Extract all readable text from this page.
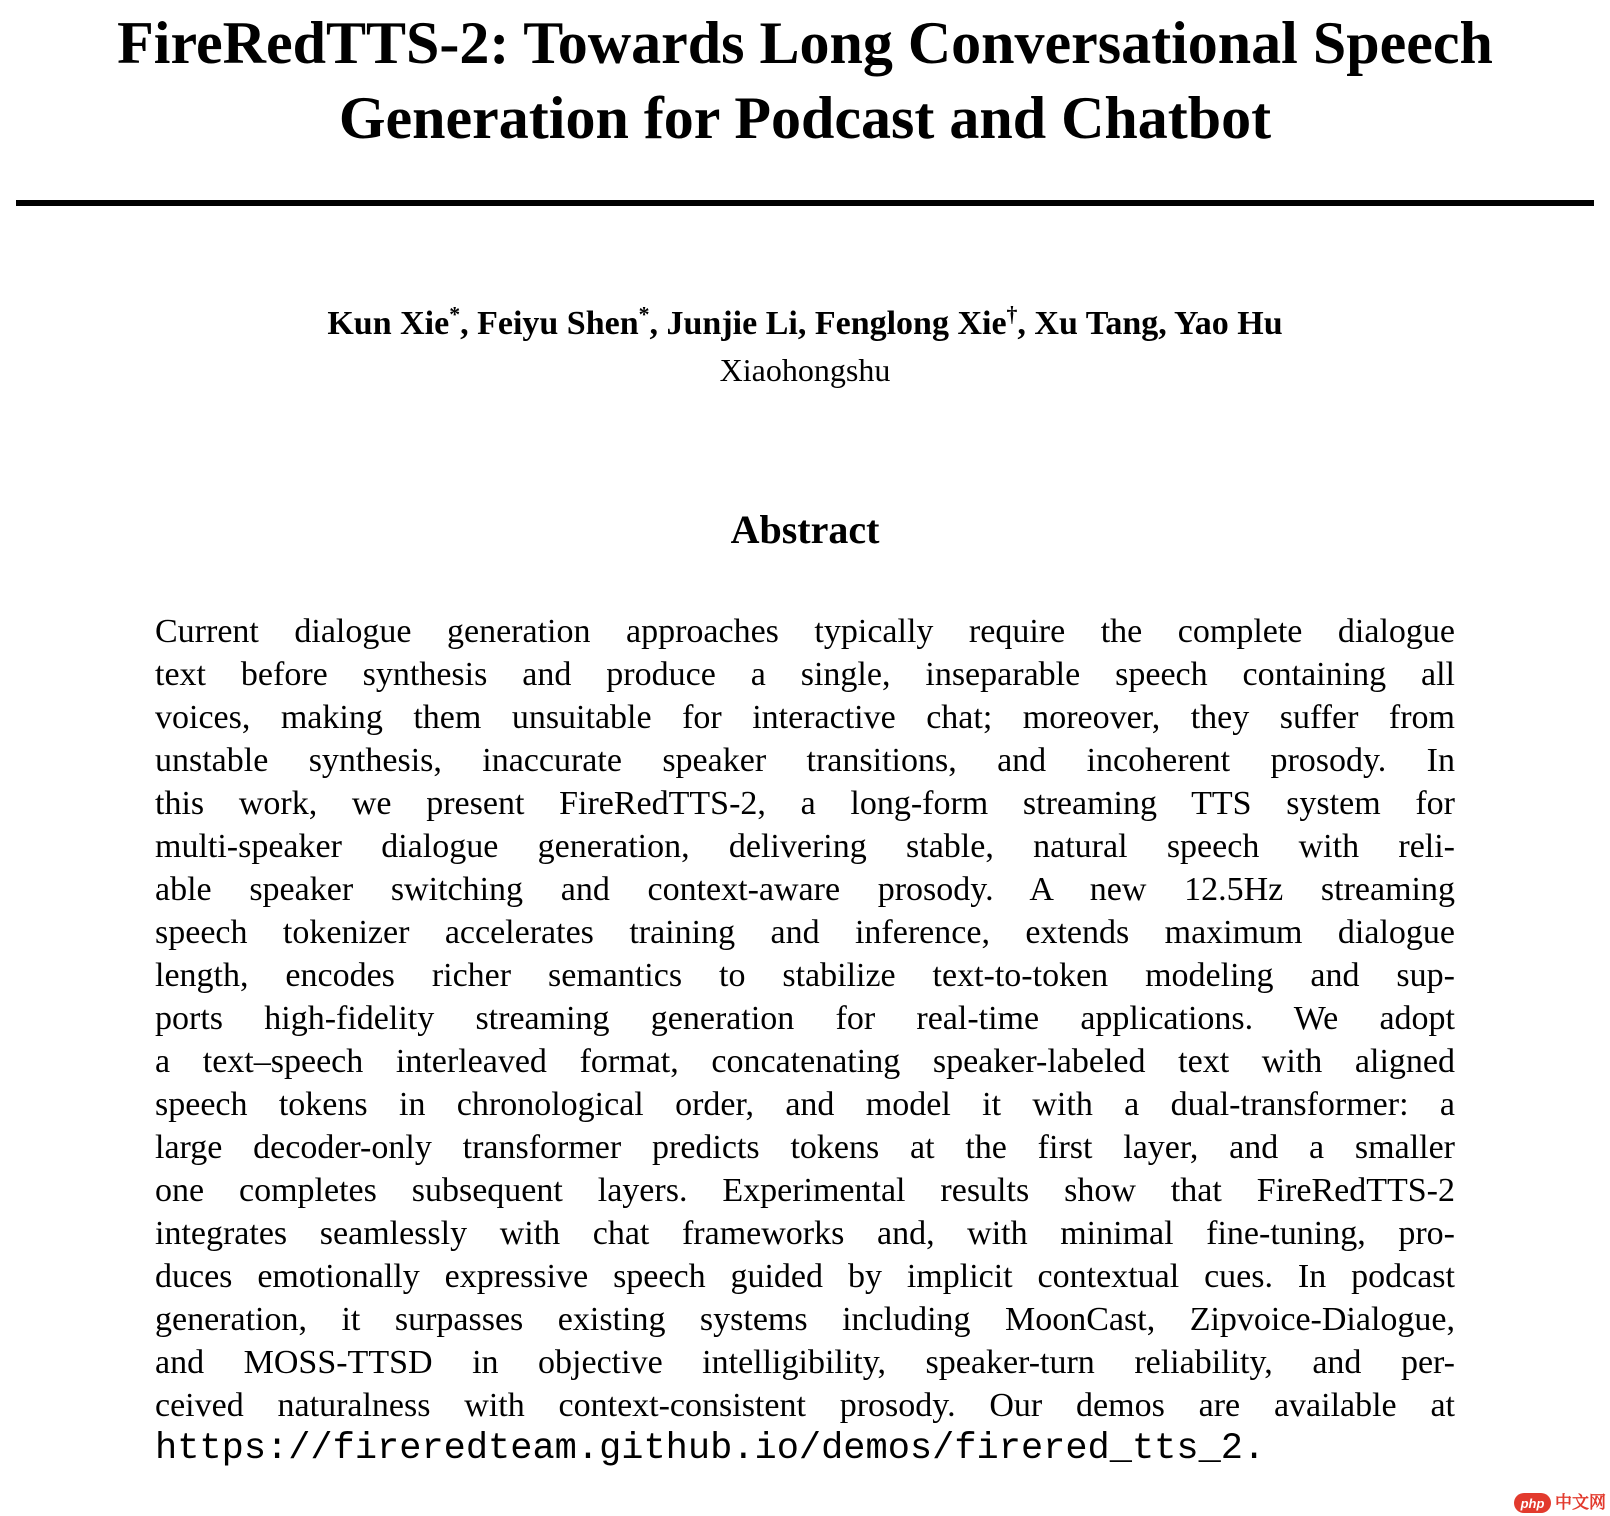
FireRedTTS-2: Towards Long Conversational Speech
Generation for Podcast and Chatbot
Kun Xie*, Feiyu Shen*, Junjie Li, Fenglong Xie†, Xu Tang, Yao Hu
Xiaohongshu
Abstract
Current dialogue generation approaches typically require the complete dialogue
text before synthesis and produce a single, inseparable speech containing all
voices, making them unsuitable for interactive chat; moreover, they suffer from
unstable synthesis, inaccurate speaker transitions, and incoherent prosody. In
this work, we present FireRedTTS-2, a long-form streaming TTS system for
multi-speaker dialogue generation, delivering stable, natural speech with reli-
able speaker switching and context-aware prosody. A new 12.5Hz streaming
speech tokenizer accelerates training and inference, extends maximum dialogue
length, encodes richer semantics to stabilize text-to-token modeling and sup-
ports high-fidelity streaming generation for real-time applications. We adopt
a text–speech interleaved format, concatenating speaker-labeled text with aligned
speech tokens in chronological order, and model it with a dual-transformer: a
large decoder-only transformer predicts tokens at the first layer, and a smaller
one completes subsequent layers. Experimental results show that FireRedTTS-2
integrates seamlessly with chat frameworks and, with minimal fine-tuning, pro-
duces emotionally expressive speech guided by implicit contextual cues. In podcast
generation, it surpasses existing systems including MoonCast, Zipvoice-Dialogue,
and MOSS-TTSD in objective intelligibility, speaker-turn reliability, and per-
ceived naturalness with context-consistent prosody. Our demos are available at
https://fireredteam.github.io/demos/firered_tts_2.
php 中文网
